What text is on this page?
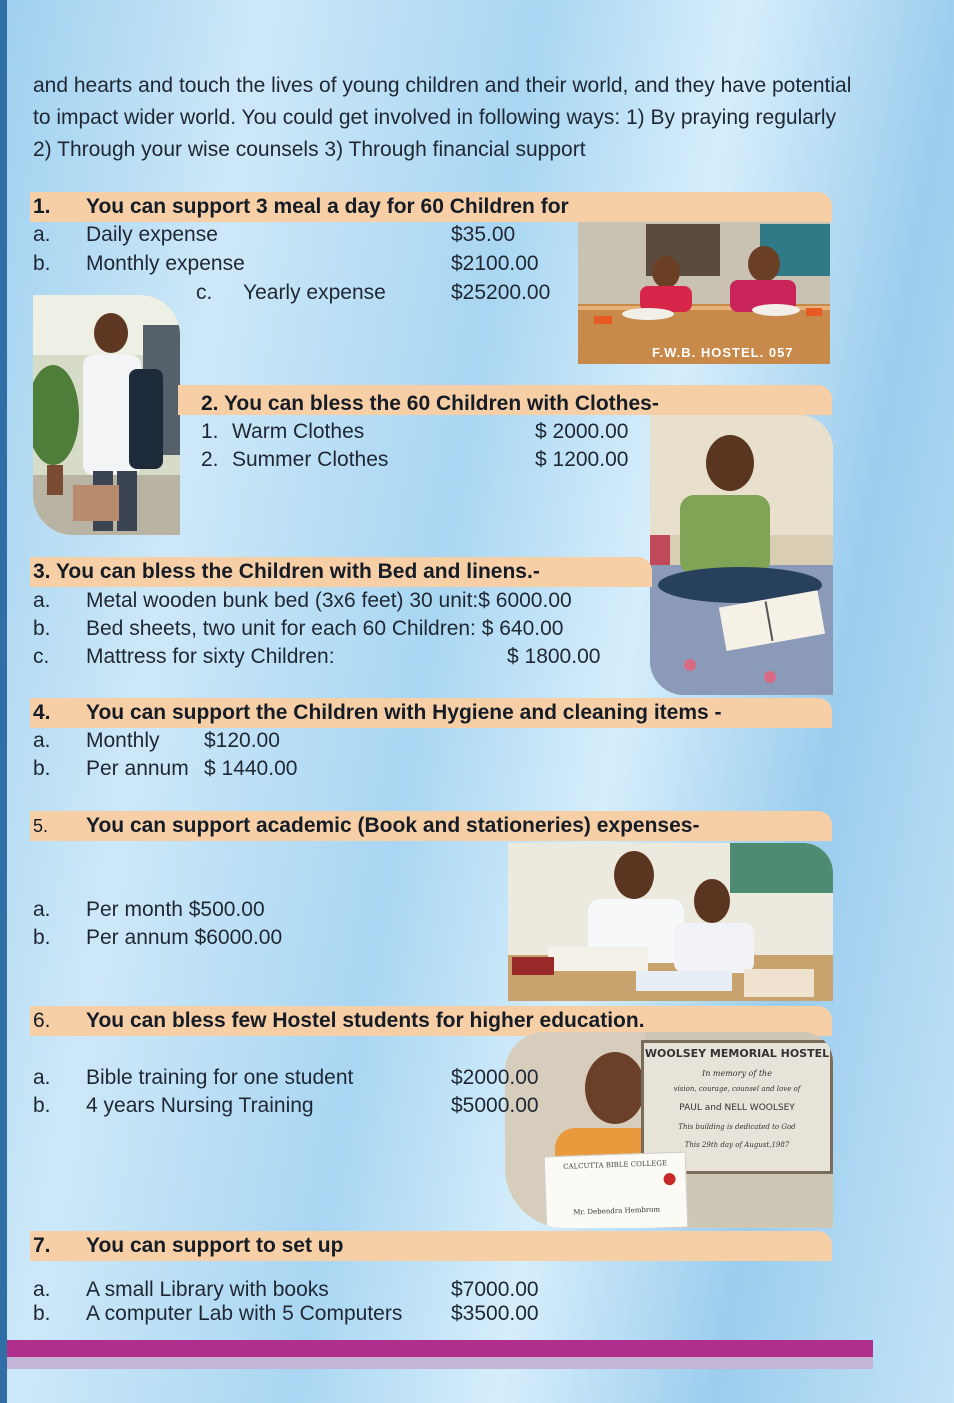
and hearts and touch the lives of young children and their world, and they have potential to impact wider world. You could get involved in following ways: 1) By praying regularly 2) Through your wise counsels 3) Through financial support
1. You can support 3 meal a day for 60 Children for
a. Daily expense	$35.00
b. Monthly expense	$2100.00
c. Yearly expense	$25200.00
F.W.B. HOSTEL. 057
2. You can bless the 60 Children with Clothes-
1. Warm Clothes	$ 2000.00
2. Summer Clothes	$ 1200.00
3. You can bless the Children with Bed and linens.-
a. Metal wooden bunk bed (3x6 feet) 30 unit:$ 6000.00
b. Bed sheets, two unit for each 60 Children: $ 640.00
c. Mattress for sixty Children:	$ 1800.00
4. You can support the Children with Hygiene and cleaning items -
a. Monthly $120.00
b. Per annum $ 1440.00
5. You can support academic (Book and stationeries) expenses-
a. Per month $500.00
b. Per annum $6000.00
6. You can bless few Hostel students for higher education.
a. Bible training for one student	$2000.00
b. 4 years Nursing Training	$5000.00
WOOLSEY MEMORIAL HOSTEL
In memory of the
vision, courage, counsel and love of
PAUL and NELL WOOLSEY
This building is dedicated to God
This 29th day of August,1987
CALCUTTA BIBLE COLLEGE
Mr. Debendra Hembrom
7. You can support to set up
a. A small Library with books	$7000.00
b. A computer Lab with 5 Computers $3500.00
